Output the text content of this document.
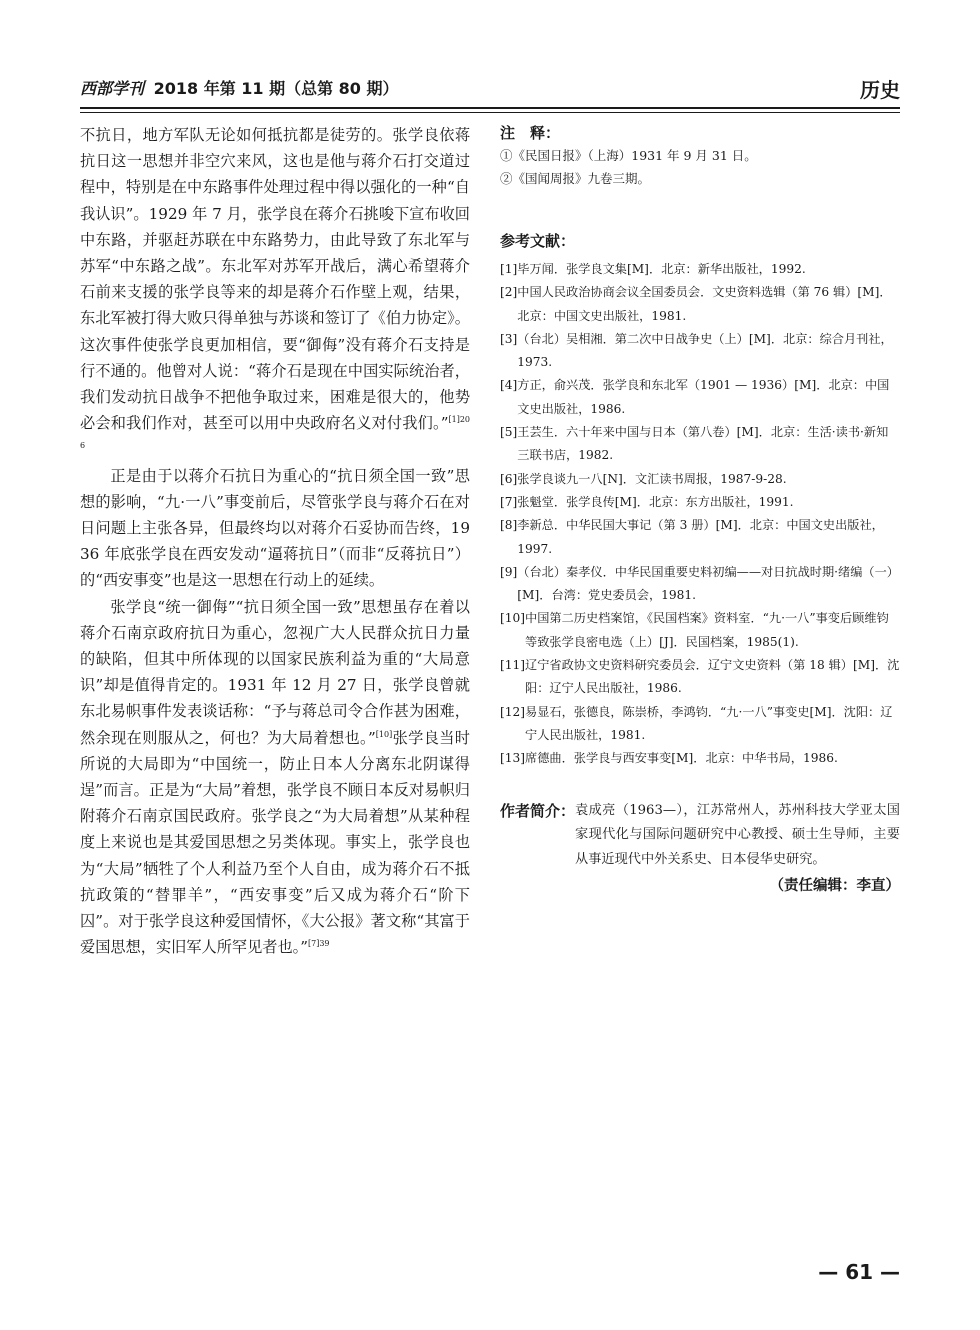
西部学刊 2018 年第 11 期（总第 80 期）	历史

不抗日，地方军队无论如何抵抗都是徒劳的。张学良依蒋抗日这一思想并非空穴来风，这也是他与蒋介石打交道过程中，特别是在中东路事件处理过程中得以强化的一种“自我认识”。1929 年 7 月，张学良在蒋介石挑唆下宣布收回中东路，并驱赶苏联在中东路势力，由此导致了东北军与苏军“中东路之战”。东北军对苏军开战后，满心希望蒋介石前来支援的张学良等来的却是蒋介石作壁上观，结果，东北军被打得大败只得单独与苏谈和签订了《伯力协定》。这次事件使张学良更加相信，要“御侮”没有蒋介石支持是行不通的。他曾对人说：“蒋介石是现在中国实际统治者，我们发动抗日战争不把他争取过来，困难是很大的，他势必会和我们作对，甚至可以用中央政府名义对付我们。”$^{[1]206}$

正是由于以蒋介石抗日为重心的“抗日须全国一致”思想的影响，“九·一八”事变前后，尽管张学良与蒋介石在对日问题上主张各异，但最终均以对蒋介石妥协而告终，1936 年底张学良在西安发动“逼蒋抗日”（而非“反蒋抗日”）的“西安事变”也是这一思想在行动上的延续。

张学良“统一御侮”“抗日须全国一致”思想虽存在着以蒋介石南京政府抗日为重心，忽视广大人民群众抗日力量的缺陷，但其中所体现的以国家民族利益为重的“大局意识”却是值得肯定的。1931 年 12 月 27 日，张学良曾就东北易帜事件发表谈话称：“予与蒋总司令合作甚为困难，然余现在则服从之，何也？为大局着想也。”[10]张学良当时所说的大局即为“中国统一，防止日本人分离东北阴谋得逞”而言。正是为“大局”着想，张学良不顾日本反对易帜归附蒋介石南京国民政府。张学良之“为大局着想”从某种程度上来说也是其爱国思想之另类体现。事实上，张学良也为“大局”牺牲了个人利益乃至个人自由，成为蒋介石不抵抗政策的“替罪羊”，“西安事变”后又成为蒋介石“阶下囚”。对于张学良这种爱国情怀，《大公报》著文称“其富于爱国思想，实旧军人所罕见者也。”$^{[7]39}$

注　释：
①《民国日报》（上海）1931 年 9 月 31 日。
②《国闻周报》九卷三期。
参考文献：
[1] 毕万闻．张学良文集[M]．北京：新华出版社，1992.
[2] 中国人民政治协商会议全国委员会．文史资料选辑（第 76 辑）[M]．北京：中国文史出版社，1981.
[3] （台北）吴相湘．第二次中日战争史（上）[M]．北京：综合月刊社，1973.
[4] 方正，俞兴茂．张学良和东北军（1901 — 1936）[M]．北京：中国文史出版社，1986.
[5] 王芸生．六十年来中国与日本（第八卷）[M]．北京：生活·读书·新知三联书店，1982.
[6] 张学良谈九一八[N]．文汇读书周报，1987-9-28.
[7] 张魁堂．张学良传[M]．北京：东方出版社，1991.
[8] 李新总．中华民国大事记（第 3 册）[M]．北京：中国文史出版社，1997.
[9] （台北）秦孝仪．中华民国重要史料初编——对日抗战时期·绪编（一）[M]．台湾：党史委员会，1981.
[10] 中国第二历史档案馆，《民国档案》资料室．“九·一八”事变后顾维钧等致张学良密电选（上）[J]．民国档案，1985(1).
[11] 辽宁省政协文史资料研究委员会．辽宁文史资料（第 18 辑）[M]．沈阳：辽宁人民出版社，1986.
[12] 易显石，张德良，陈崇桥，李鸿钧．“九·一八”事变史[M]．沈阳：辽宁人民出版社，1981.
[13] 席德曲．张学良与西安事变[M]．北京：中华书局，1986.
作者简介： 袁成亮（1963—），江苏常州人，苏州科技大学亚太国家现代化与国际问题研究中心教授、硕士生导师，主要从事近现代中外关系史、日本侵华史研究。
（责任编辑：李直）
— 61 —
